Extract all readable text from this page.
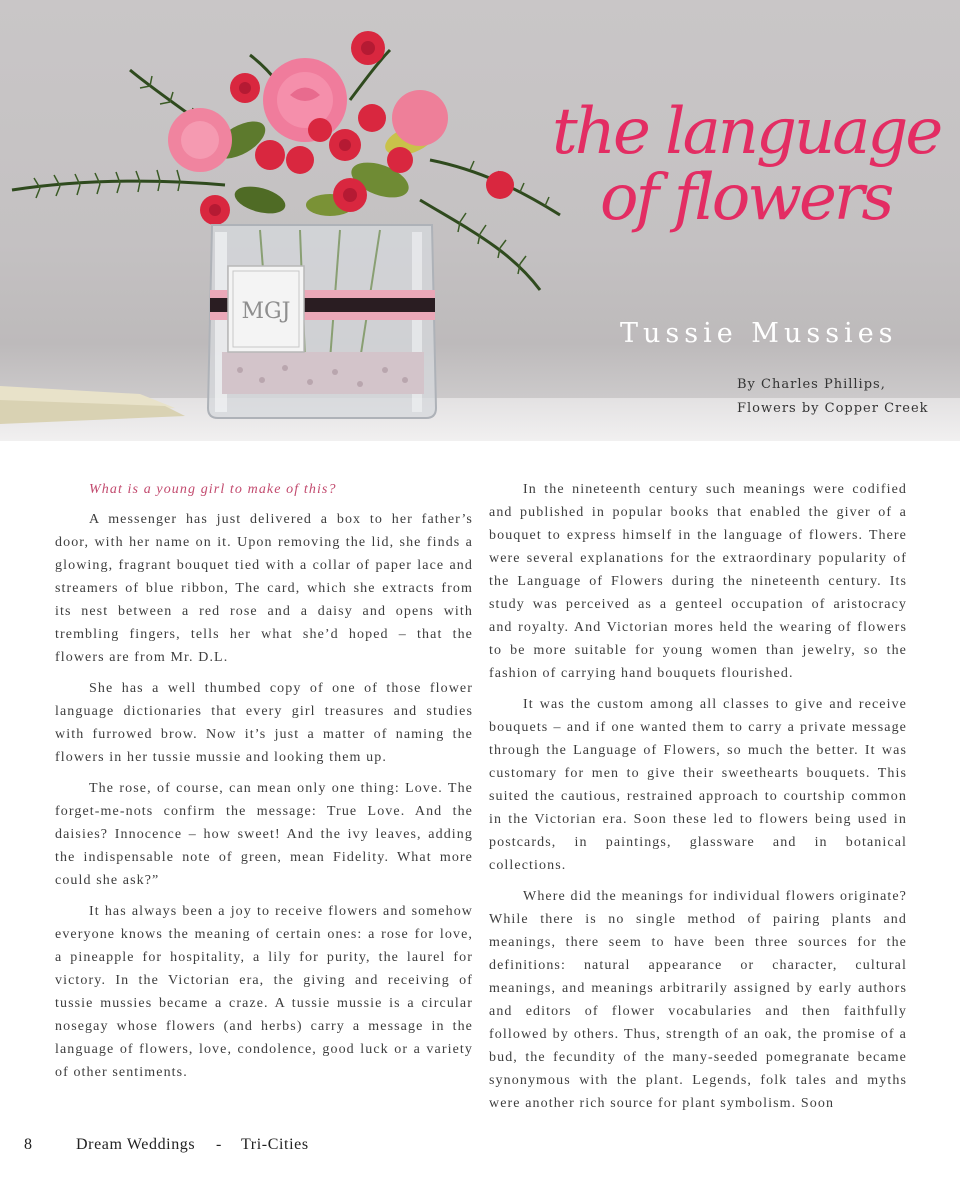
MGJ
the language
of flowers
Tussie Mussies
By Charles Phillips,
Flowers by Copper Creek

What is a young girl to make of this?

A messenger has just delivered a box to her father’s door, with her name on it. Upon removing the lid, she finds a glowing, fragrant bouquet tied with a collar of paper lace and streamers of blue ribbon, The card, which she extracts from its nest between a red rose and a daisy and opens with trembling fingers, tells her what she’d hoped – that the flowers are from Mr. D.L.

She has a well thumbed copy of one of those flower language dictionaries that every girl treasures and studies with furrowed brow. Now it’s just a matter of naming the flowers in her tussie mussie and looking them up.

The rose, of course, can mean only one thing: Love. The forget-me-nots confirm the message: True Love. And the daisies? Innocence – how sweet! And the ivy leaves, adding the indispensable note of green, mean Fidelity. What more could she ask?”

It has always been a joy to receive flowers and somehow everyone knows the meaning of certain ones: a rose for love, a pineapple for hospitality, a lily for purity, the laurel for victory. In the Victorian era, the giving and receiving of tussie mussies became a craze. A tussie mussie is a circular nosegay whose flowers (and herbs) carry a message in the language of flowers, love, condolence, good luck or a variety of other sentiments.

In the nineteenth century such meanings were codified and published in popular books that enabled the giver of a bouquet to express himself in the language of flowers. There were several explanations for the extraordinary popularity of the Language of Flowers during the nineteenth century. Its study was perceived as a genteel occupation of aristocracy and royalty. And Victorian mores held the wearing of flowers to be more suitable for young women than jewelry, so the fashion of carrying hand bouquets flourished.

It was the custom among all classes to give and receive bouquets – and if one wanted them to carry a private message through the Language of Flowers, so much the better. It was customary for men to give their sweethearts bouquets. This suited the cautious, restrained approach to courtship common in the Victorian era. Soon these led to flowers being used in postcards, in paintings, glassware and in botanical collections.

Where did the meanings for individual flowers originate? While there is no single method of pairing plants and meanings, there seem to have been three sources for the definitions: natural appearance or character, cultural meanings, and meanings arbitrarily assigned by early authors and editors of flower vocabularies and then faithfully followed by others. Thus, strength of an oak, the promise of a bud, the fecundity of the many-seeded pomegranate became synonymous with the plant. Legends, folk tales and myths were another rich source for plant symbolism. Soon

8	Dream Weddings - Tri-Cities
